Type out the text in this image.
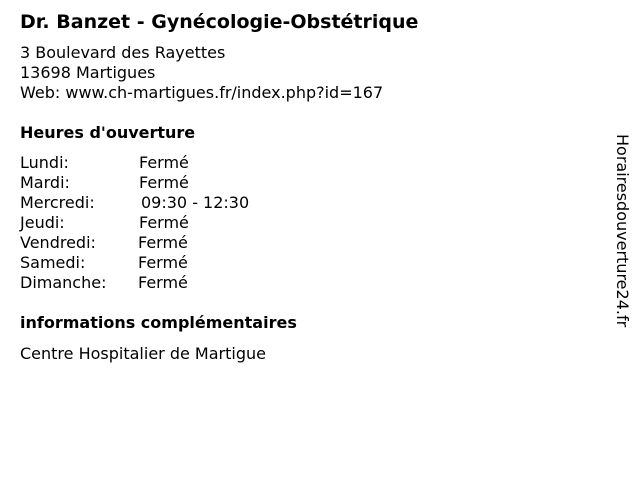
Dr. Banzet - Gynécologie-Obstétrique
3 Boulevard des Rayettes
13698 Martigues
Web: www.ch-martigues.fr/index.php?id=167
Heures d'ouverture
Lundi:	Fermé
Mardi:	Fermé
Mercredi:	09:30 - 12:30
Jeudi:	Fermé
Vendredi:	Fermé
Samedi:	Fermé
Dimanche: Fermé
informations complémentaires
Centre Hospitalier de Martigue
Horairesdouverture24.fr
